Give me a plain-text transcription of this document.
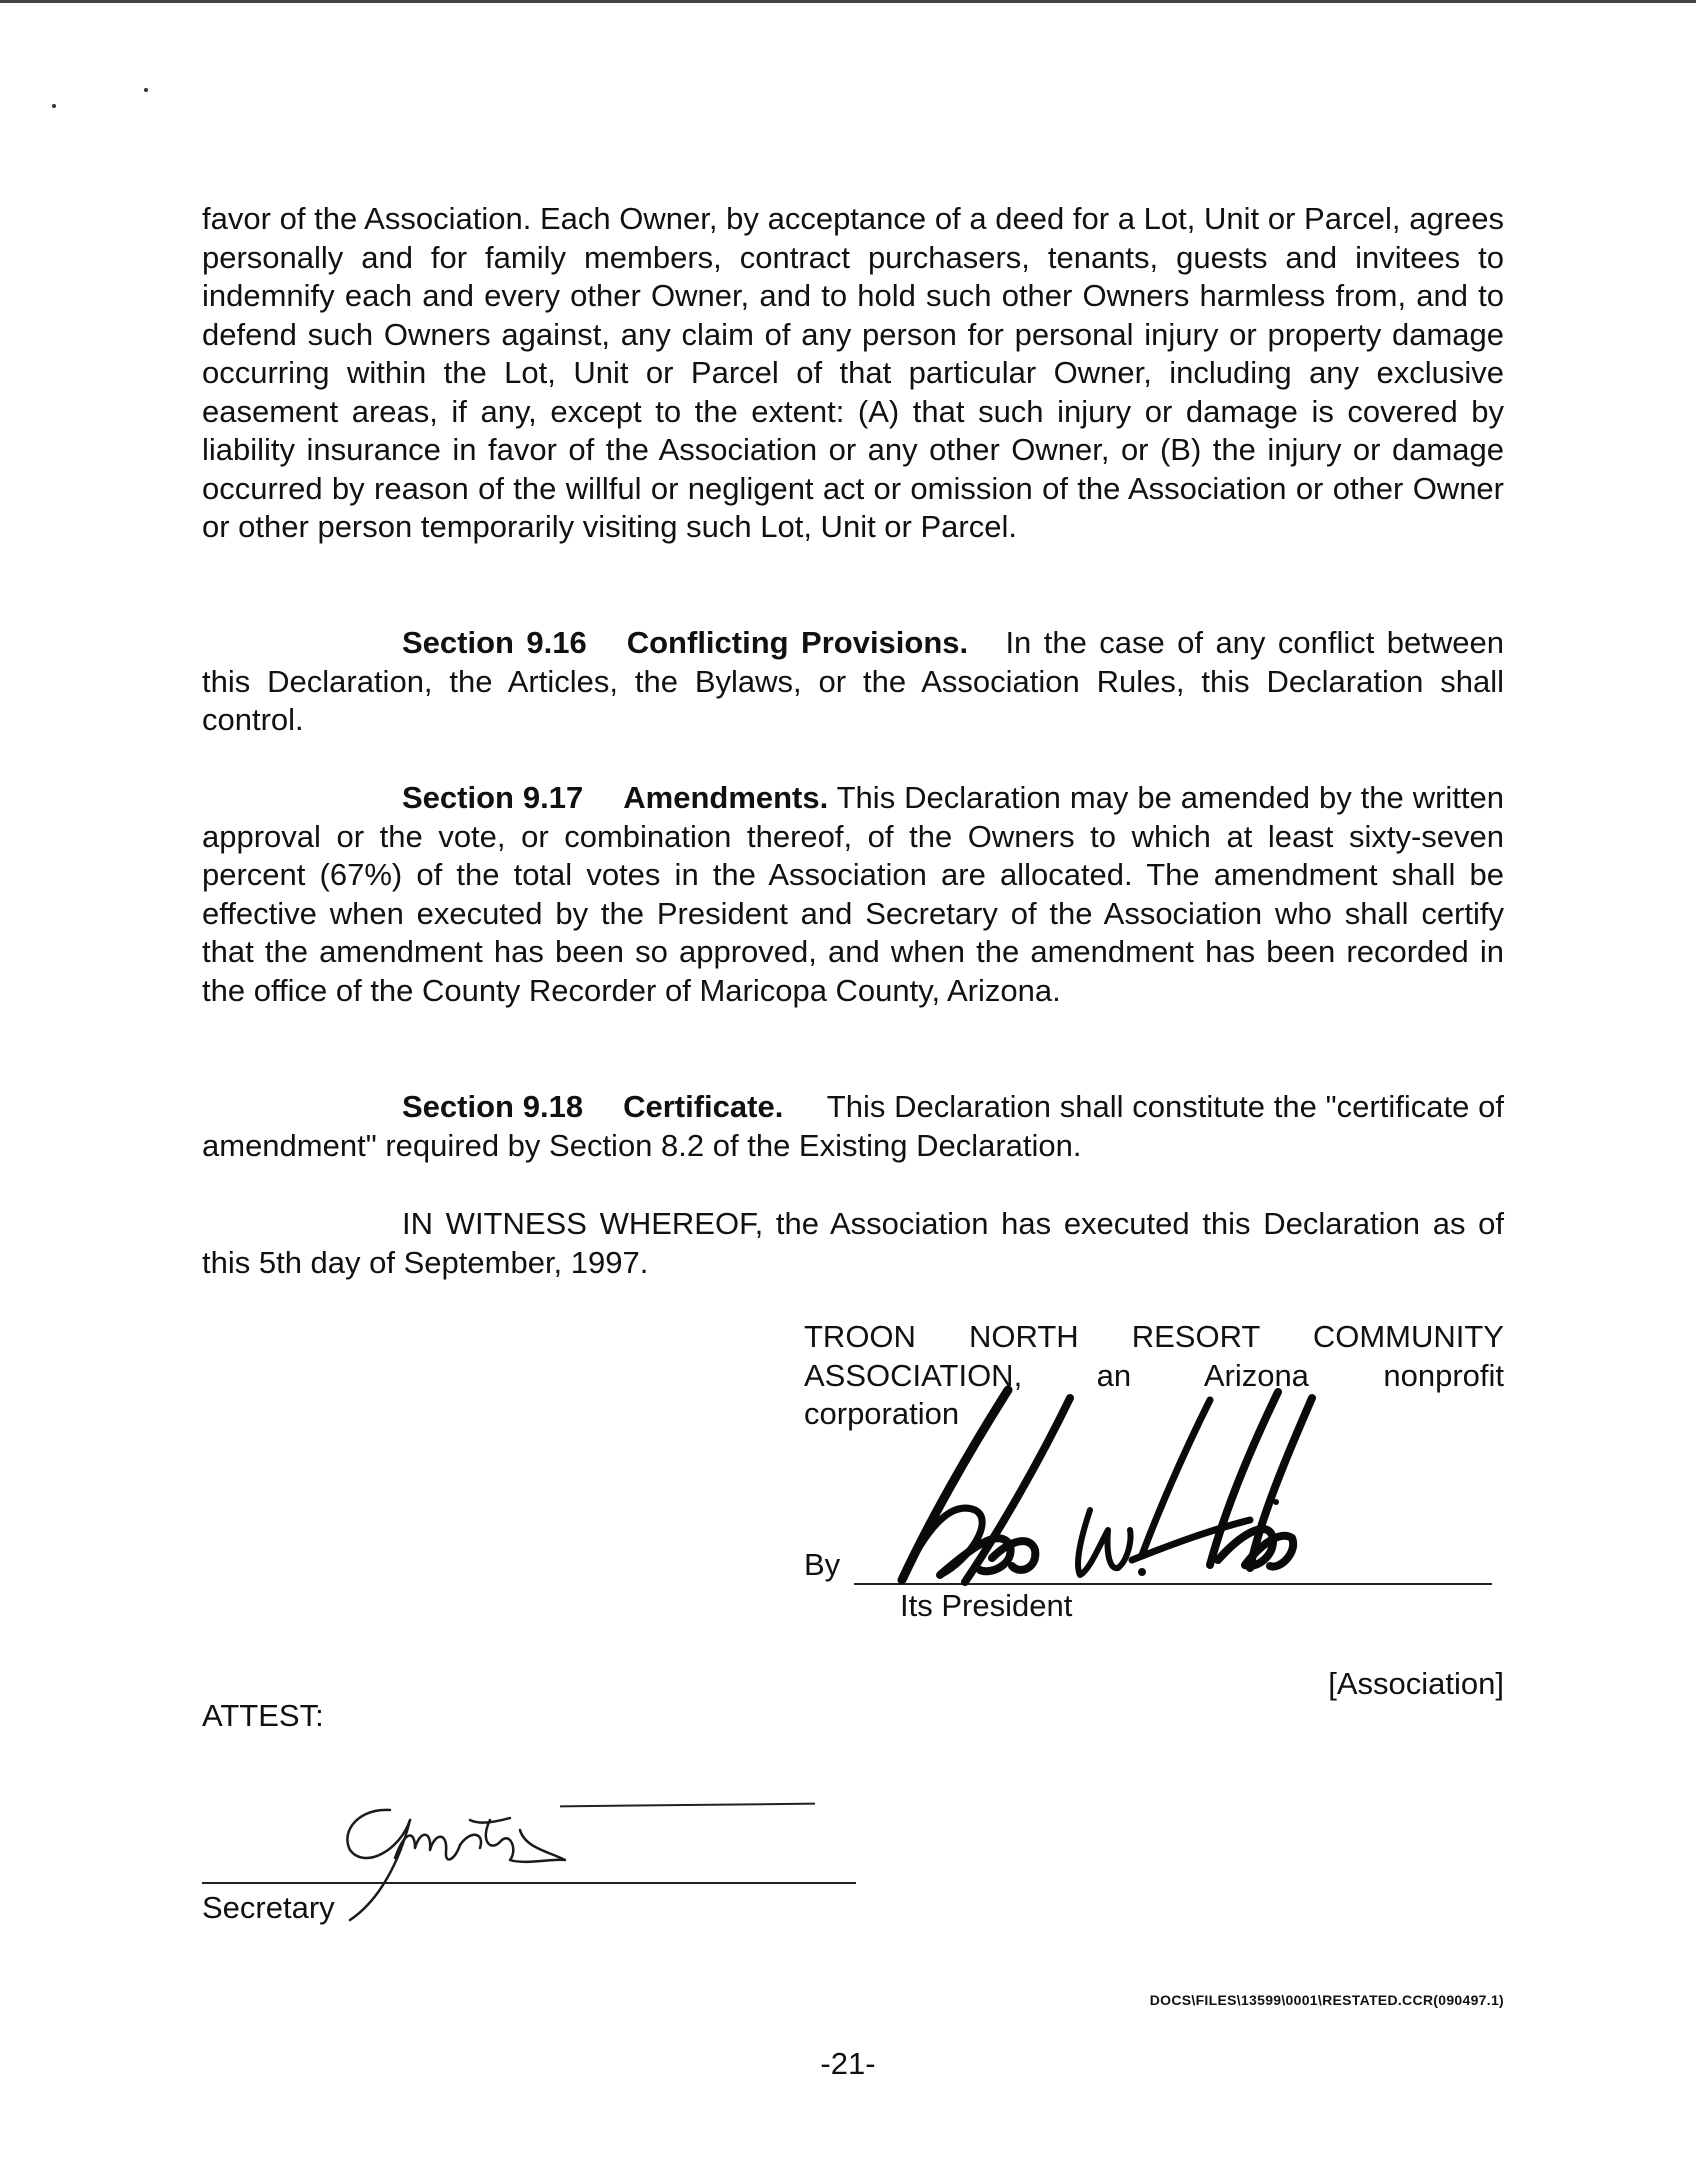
favor of the Association. Each Owner, by acceptance of a deed for a Lot, Unit or Parcel, agrees personally and for family members, contract purchasers, tenants, guests and invitees to indemnify each and every other Owner, and to hold such other Owners harmless from, and to defend such Owners against, any claim of any person for personal injury or property damage occurring within the Lot, Unit or Parcel of that particular Owner, including any exclusive easement areas, if any, except to the extent: (A) that such injury or damage is covered by liability insurance in favor of the Association or any other Owner, or (B) the injury or damage occurred by reason of the willful or negligent act or omission of the Association or other Owner or other person temporarily visiting such Lot, Unit or Parcel.
Section 9.16 Conflicting Provisions. In the case of any conflict between this Declaration, the Articles, the Bylaws, or the Association Rules, this Declaration shall control.
Section 9.17 Amendments. This Declaration may be amended by the written approval or the vote, or combination thereof, of the Owners to which at least sixty-seven percent (67%) of the total votes in the Association are allocated. The amendment shall be effective when executed by the President and Secretary of the Association who shall certify that the amendment has been so approved, and when the amendment has been recorded in the office of the County Recorder of Maricopa County, Arizona.
Section 9.18 Certificate. This Declaration shall constitute the "certificate of amendment" required by Section 8.2 of the Existing Declaration.
IN WITNESS WHEREOF, the Association has executed this Declaration as of this 5th day of September, 1997.
TROON NORTH RESORT COMMUNITY
ASSOCIATION, an Arizona nonprofit
corporation
By
Its President
[Association]
ATTEST:
Secretary
DOCS\FILES\13599\0001\RESTATED.CCR(090497.1)
-21-
